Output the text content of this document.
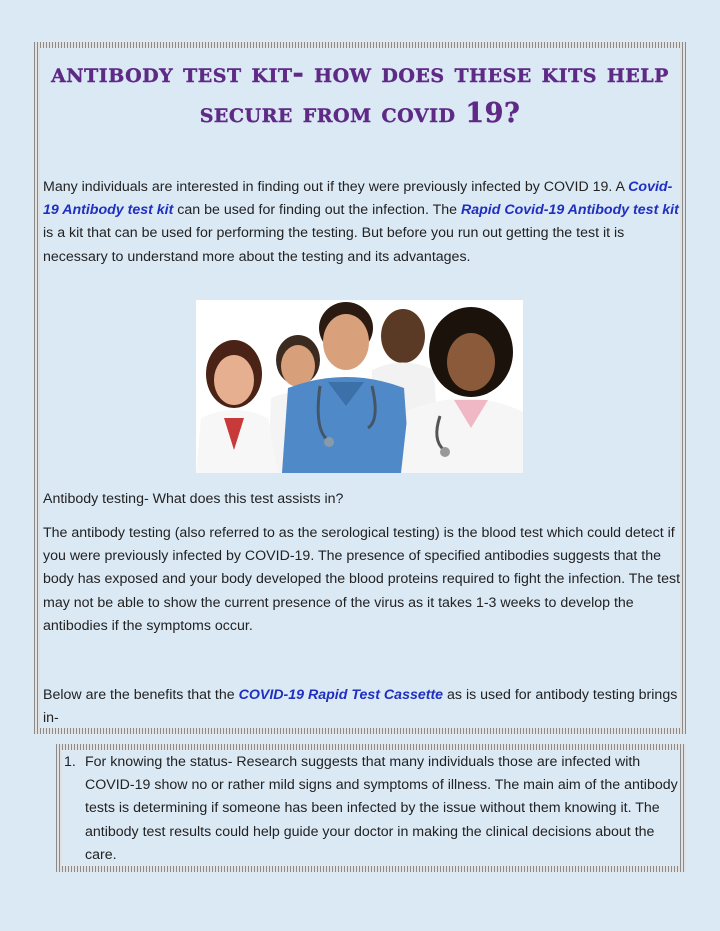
antibody test kit- how does these kits help secure from covid 19?

Many individuals are interested in finding out if they were previously infected by COVID 19. A Covid-19 Antibody test kit can be used for finding out the infection. The Rapid Covid-19 Antibody test kit is a kit that can be used for performing the testing. But before you run out getting the test it is necessary to understand more about the testing and its advantages.

Antibody testing- What does this test assists in?

The antibody testing (also referred to as the serological testing) is the blood test which could detect if you were previously infected by COVID-19. The presence of specified antibodies suggests that the body has exposed and your body developed the blood proteins required to fight the infection. The test may not be able to show the current presence of the virus as it takes 1-3 weeks to develop the antibodies if the symptoms occur.

Below are the benefits that the COVID-19 Rapid Test Cassette as is used for antibody testing brings in-

1. For knowing the status- Research suggests that many individuals those are infected with COVID-19 show no or rather mild signs and symptoms of illness. The main aim of the antibody tests is determining if someone has been infected by the issue without them knowing it. The antibody test results could help guide your doctor in making the clinical decisions about the care.
